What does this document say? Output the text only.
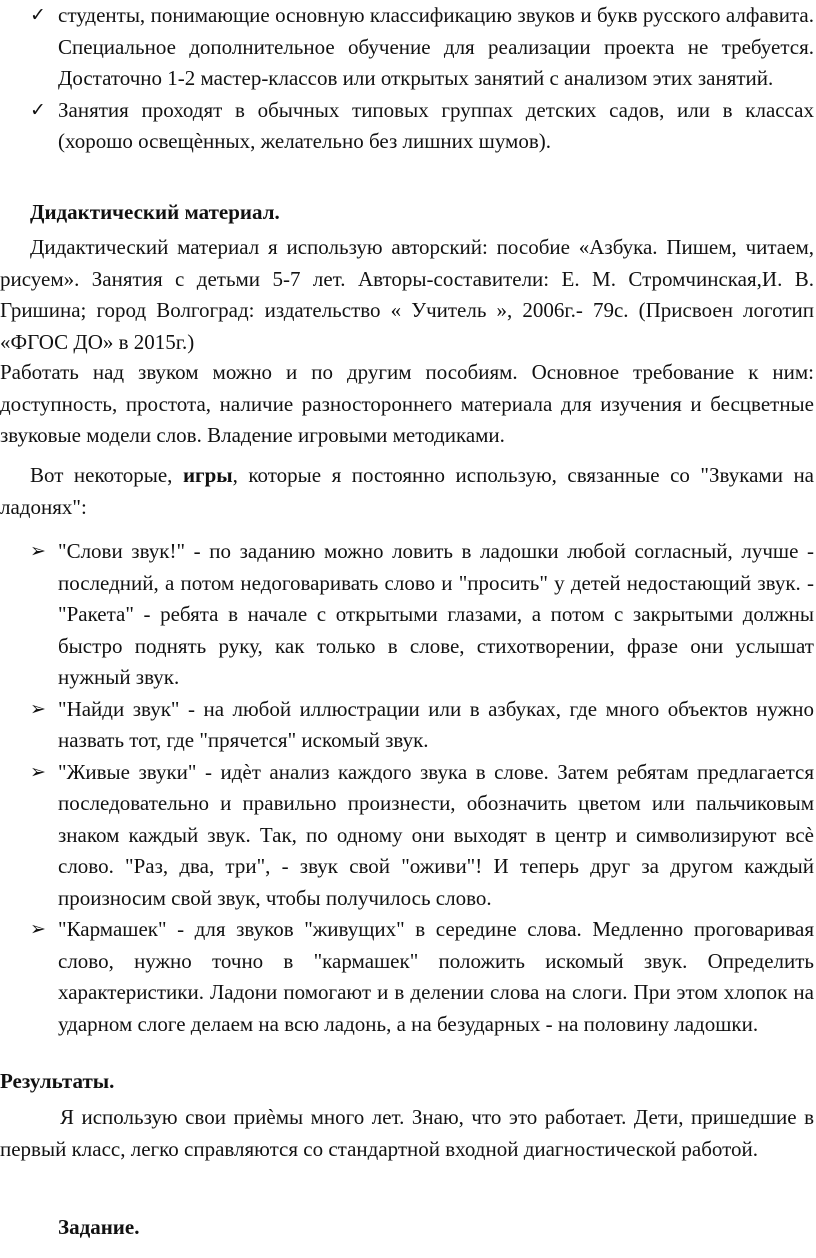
✓ студенты, понимающие основную классификацию звуков и букв русского алфавита. Специальное дополнительное обучение для реализации проекта не требуется. Достаточно 1-2 мастер-классов или открытых занятий с анализом этих занятий.
✓ Занятия проходят в обычных типовых группах детских садов, или в классах (хорошо освещѐнных, желательно без лишних шумов).

Дидактический материал.

Дидактический материал я использую авторский: пособие «Азбука. Пишем, читаем, рисуем». Занятия с детьми 5-7 лет. Авторы-составители: Е. М. Стромчинская,И. В. Гришина; город Волгоград: издательство « Учитель », 2006г.- 79с. (Присвоен логотип «ФГОС ДО» в 2015г.)

Работать над звуком можно и по другим пособиям. Основное требование к ним: доступность, простота, наличие разностороннего материала для изучения и бесцветные звуковые модели слов. Владение игровыми методиками.

Вот некоторые, игры, которые я постоянно использую, связанные со "Звуками на ладонях":

➢ "Слови звук!" - по заданию можно ловить в ладошки любой согласный, лучше - последний, а потом недоговаривать слово и "просить" у детей недостающий звук. - "Ракета" - ребята в начале с открытыми глазами, а потом с закрытыми должны быстро поднять руку, как только в слове, стихотворении, фразе они услышат нужный звук.
➢ "Найди звук" - на любой иллюстрации или в азбуках, где много объектов нужно назвать тот, где "прячется" искомый звук.
➢ "Живые звуки" - идѐт анализ каждого звука в слове. Затем ребятам предлагается последовательно и правильно произнести, обозначить цветом или пальчиковым знаком каждый звук. Так, по одному они выходят в центр и символизируют всѐ слово. "Раз, два, три", - звук свой "оживи"! И теперь друг за другом каждый произносим свой звук, чтобы получилось слово.
➢ "Кармашек" - для звуков "живущих" в середине слова. Медленно проговаривая слово, нужно точно в "кармашек" положить искомый звук. Определить характеристики. Ладони помогают и в делении слова на слоги. При этом хлопок на ударном слоге делаем на всю ладонь, а на безударных - на половину ладошки.

Результаты.

Я использую свои приѐмы много лет. Знаю, что это работает. Дети, пришедшие в первый класс, легко справляются со стандартной входной диагностической работой.

Задание.
